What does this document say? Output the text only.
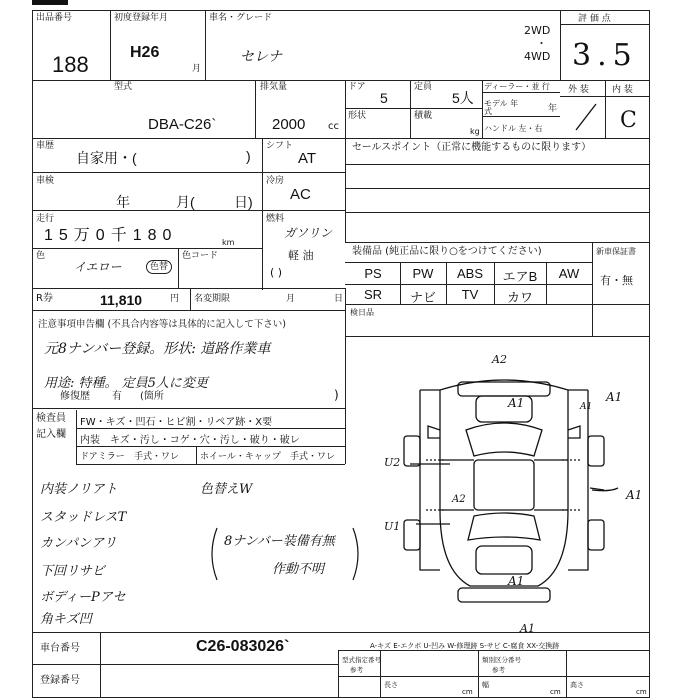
出品番号
188
初度登録年月
H26
月
車名・グレード
セレナ
2WD
・
4WD
評 価 点
3.5
外 装	内 装
C
型式
DBA-C26`
排気量
2000 cc
ドア
5
定員
5人
形状	積載
kg
ディーラー・並 行
モデル 年式	年
ハンドル 左・右
車歴
自家用・(	)
シフト
AT
セールスポイント（正常に機能するものに限ります）
車検
年	月(	日)
冷房
AC
走行
15万0千180	km
燃料
ガソリン
軽 油
( )
色
イエロー	色替
色コード	装備品 (純正品に限り○をつけてください)	新車保証書
有・無
PS	PW	ABS	エアB	AW
SR	ナビ	TV	カワ
R券	11,810	円 名変期限	月	日
検日品
注意事項申告欄 (不具合内容等は具体的に記入して下さい)
元8ナンバー登録。形状: 道路作業車
用途: 特種。 定員5人に変更
修復歴 有 (箇所	)
検査員
記入欄
FW・キズ・凹石・ヒビ割・リペア跡・X要
内装 キズ・汚し・コゲ・穴・汚し・破り・破レ
ドアミラー 手式・ワレ ホイール・キャップ 手式・ワレ
内装ノリアト
スタッドレスT
カンパンアリ
下回リサビ
ボディーPアセ
角キズ凹
色替えW
8ナンバー装備有無
作動不明
A2
A1	A1
A1
U2
A2	A1
U1
A1
A1
A-キズ E-エクボ U-凹み W-修理跡 S-サビ C-腐食 XX-交換跡
車台番号	C26-083026`
登録番号
型式指定番号
参考
類別区分番号
参考
長さ
cm
幅
cm
高さ
cm
